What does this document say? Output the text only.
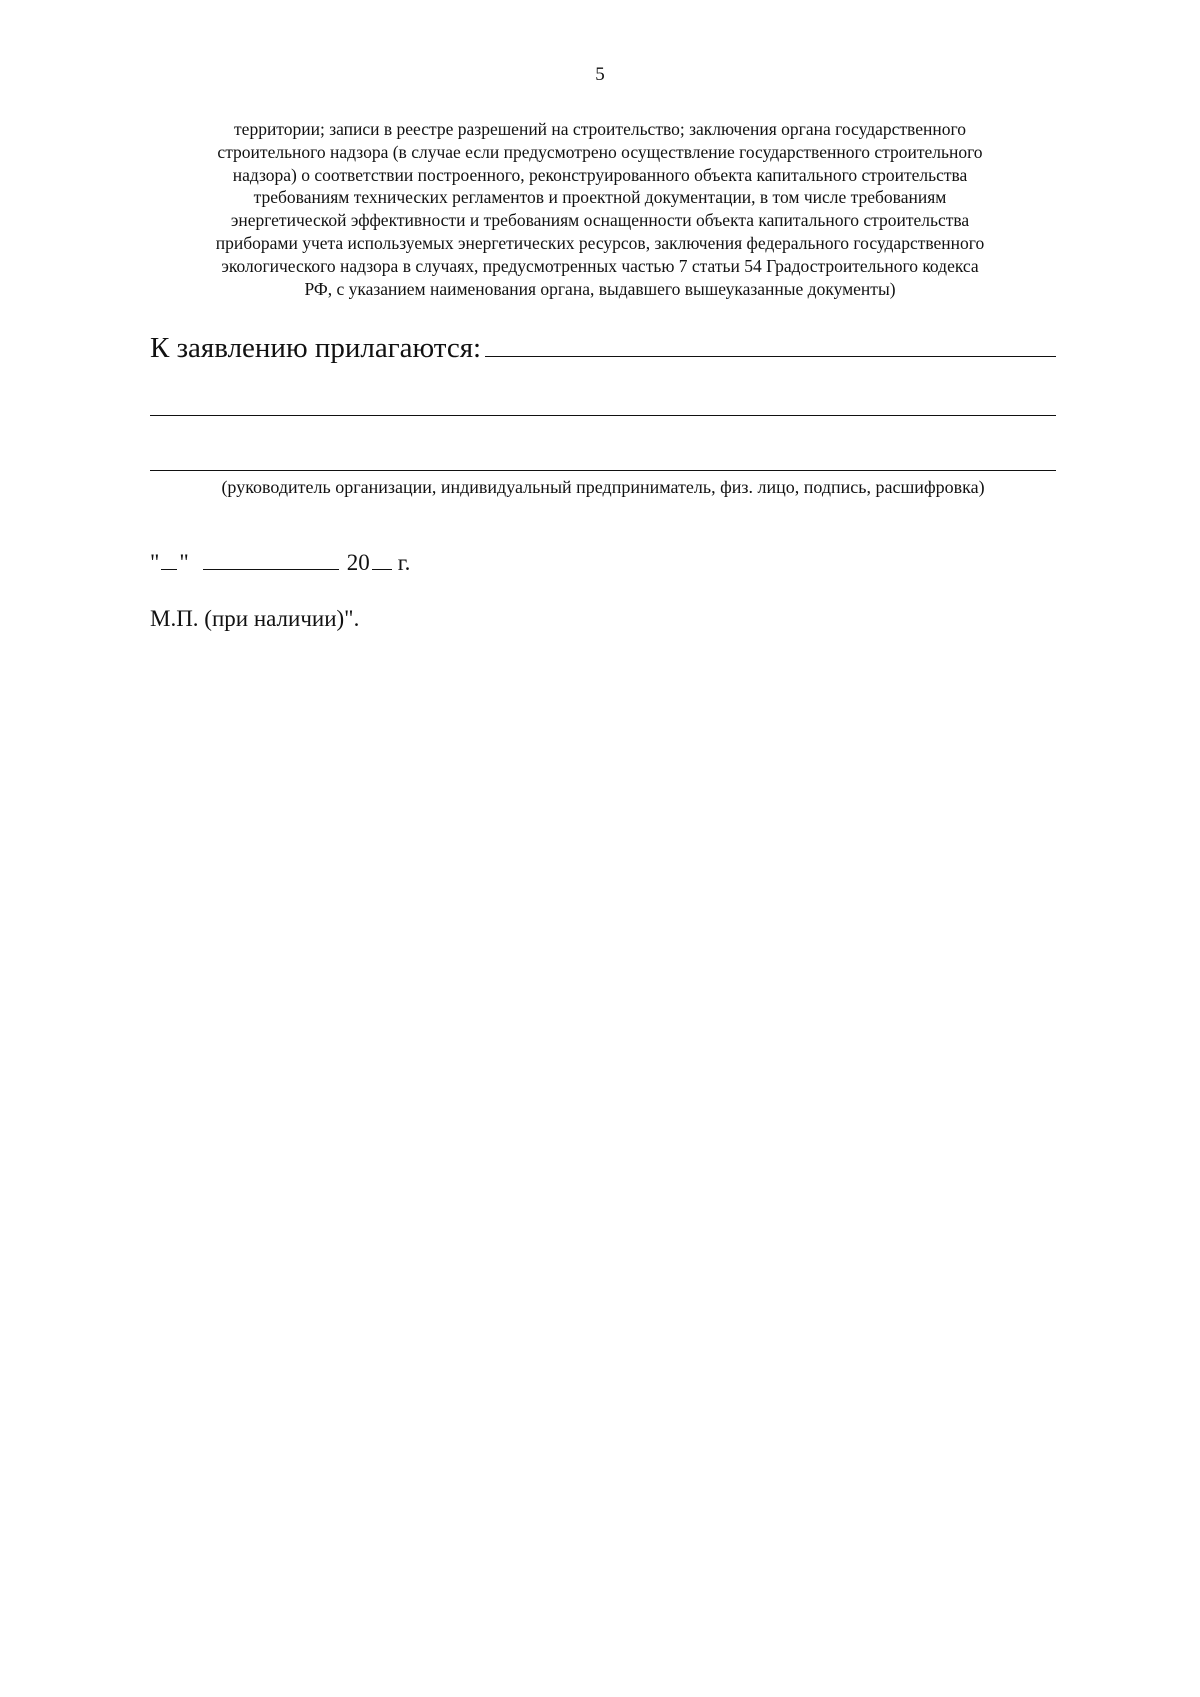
5
территории; записи в реестре разрешений на строительство; заключения органа государственного
строительного надзора (в случае если предусмотрено осуществление государственного строительного
надзора) о соответствии построенного, реконструированного объекта капитального строительства
требованиям технических регламентов и проектной документации, в том числе требованиям
энергетической эффективности и требованиям оснащенности объекта капитального строительства
приборами учета используемых энергетических ресурсов, заключения федерального государственного
экологического надзора в случаях, предусмотренных частью 7 статьи 54 Градостроительного кодекса
РФ, с указанием наименования органа, выдавшего вышеуказанные документы)
К заявлению прилагаются:
(руководитель организации, индивидуальный предприниматель, физ. лицо, подпись, расшифровка)
" "	20 г.
М.П. (при наличии)".
